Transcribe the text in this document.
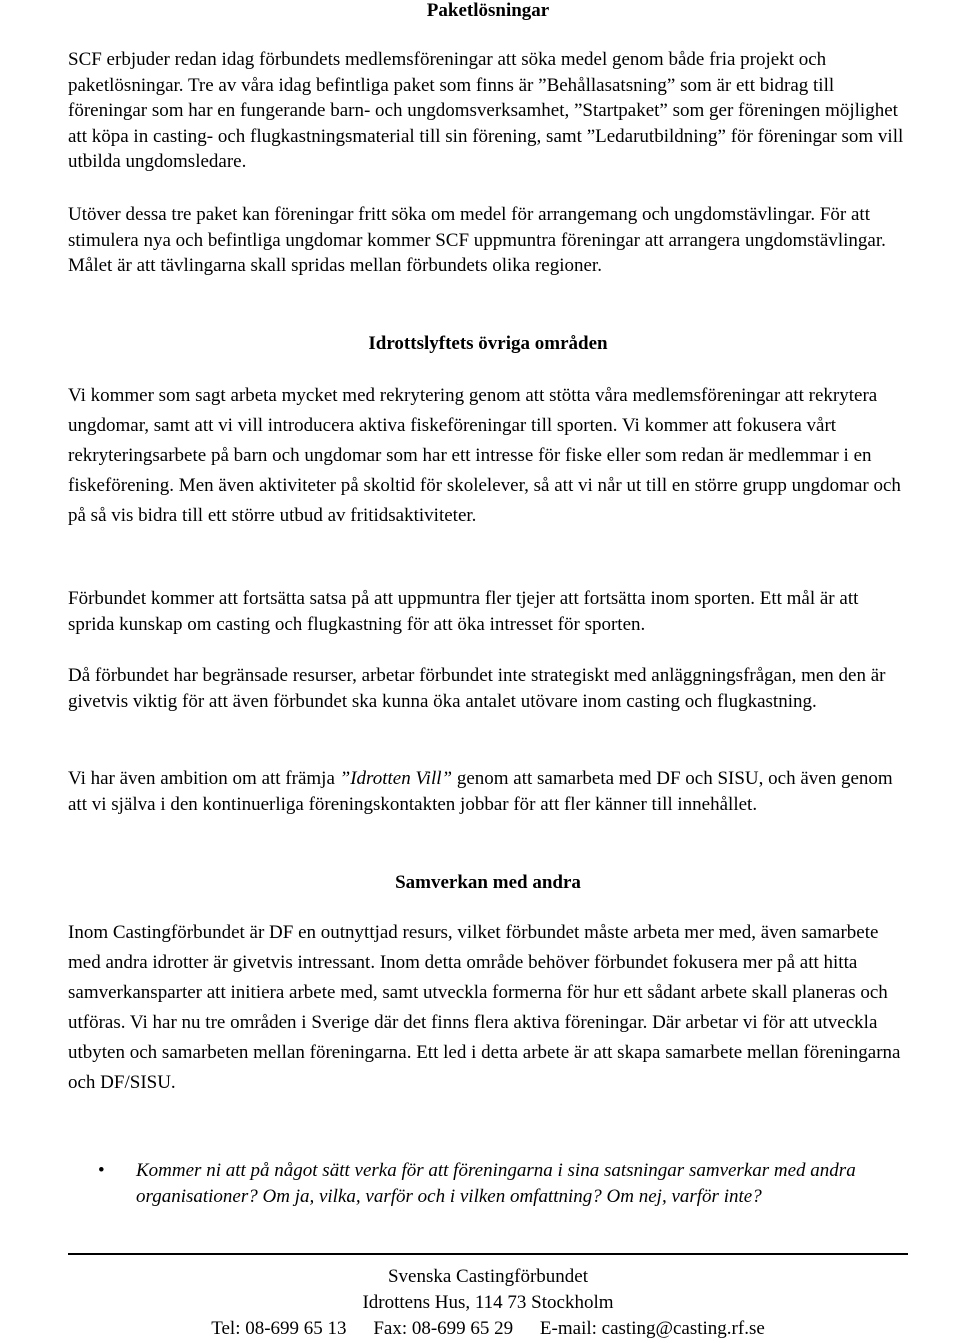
Paketlösningar

SCF erbjuder redan idag förbundets medlemsföreningar att söka medel genom både fria projekt och paketlösningar. Tre av våra idag befintliga paket som finns är ”Behållasatsning” som är ett bidrag till föreningar som har en fungerande barn- och ungdomsverksamhet, ”Startpaket” som ger föreningen möjlighet att köpa in casting- och flugkastningsmaterial till sin förening, samt ”Ledarutbildning” för föreningar som vill utbilda ungdomsledare.

Utöver dessa tre paket kan föreningar fritt söka om medel för arrangemang och ungdomstävlingar. För att stimulera nya och befintliga ungdomar kommer SCF uppmuntra föreningar att arrangera ungdomstävlingar. Målet är att tävlingarna skall spridas mellan förbundets olika regioner.

Idrottslyftets övriga områden

Vi kommer som sagt arbeta mycket med rekrytering genom att stötta våra medlemsföreningar att rekrytera ungdomar, samt att vi vill introducera aktiva fiskeföreningar till sporten. Vi kommer att fokusera vårt rekryteringsarbete på barn och ungdomar som har ett intresse för fiske eller som redan är medlemmar i en fiskeförening. Men även aktiviteter på skoltid för skolelever, så att vi når ut till en större grupp ungdomar och på så vis bidra till ett större utbud av fritidsaktiviteter.

Förbundet kommer att fortsätta satsa på att uppmuntra fler tjejer att fortsätta inom sporten. Ett mål är att sprida kunskap om casting och flugkastning för att öka intresset för sporten.

Då förbundet har begränsade resurser, arbetar förbundet inte strategiskt med anläggningsfrågan, men den är givetvis viktig för att även förbundet ska kunna öka antalet utövare inom casting och flugkastning.

Vi har även ambition om att främja ”Idrotten Vill” genom att samarbeta med DF och SISU, och även genom att vi själva i den kontinuerliga föreningskontakten jobbar för att fler känner till innehållet.

Samverkan med andra

Inom Castingförbundet är DF en outnyttjad resurs, vilket förbundet måste arbeta mer med, även samarbete med andra idrotter är givetvis intressant. Inom detta område behöver förbundet fokusera mer på att hitta samverkansparter att initiera arbete med, samt utveckla formerna för hur ett sådant arbete skall planeras och utföras. Vi har nu tre områden i Sverige där det finns flera aktiva föreningar. Där arbetar vi för att utveckla utbyten och samarbeten mellan föreningarna. Ett led i detta arbete är att skapa samarbete mellan föreningarna och DF/SISU.

• Kommer ni att på något sätt verka för att föreningarna i sina satsningar samverkar med andra organisationer? Om ja, vilka, varför och i vilken omfattning? Om nej, varför inte?
Svenska Castingförbundet
Idrottens Hus, 114 73 Stockholm
Tel: 08-699 65 13 Fax: 08-699 65 29 E-mail: casting@casting.rf.se
